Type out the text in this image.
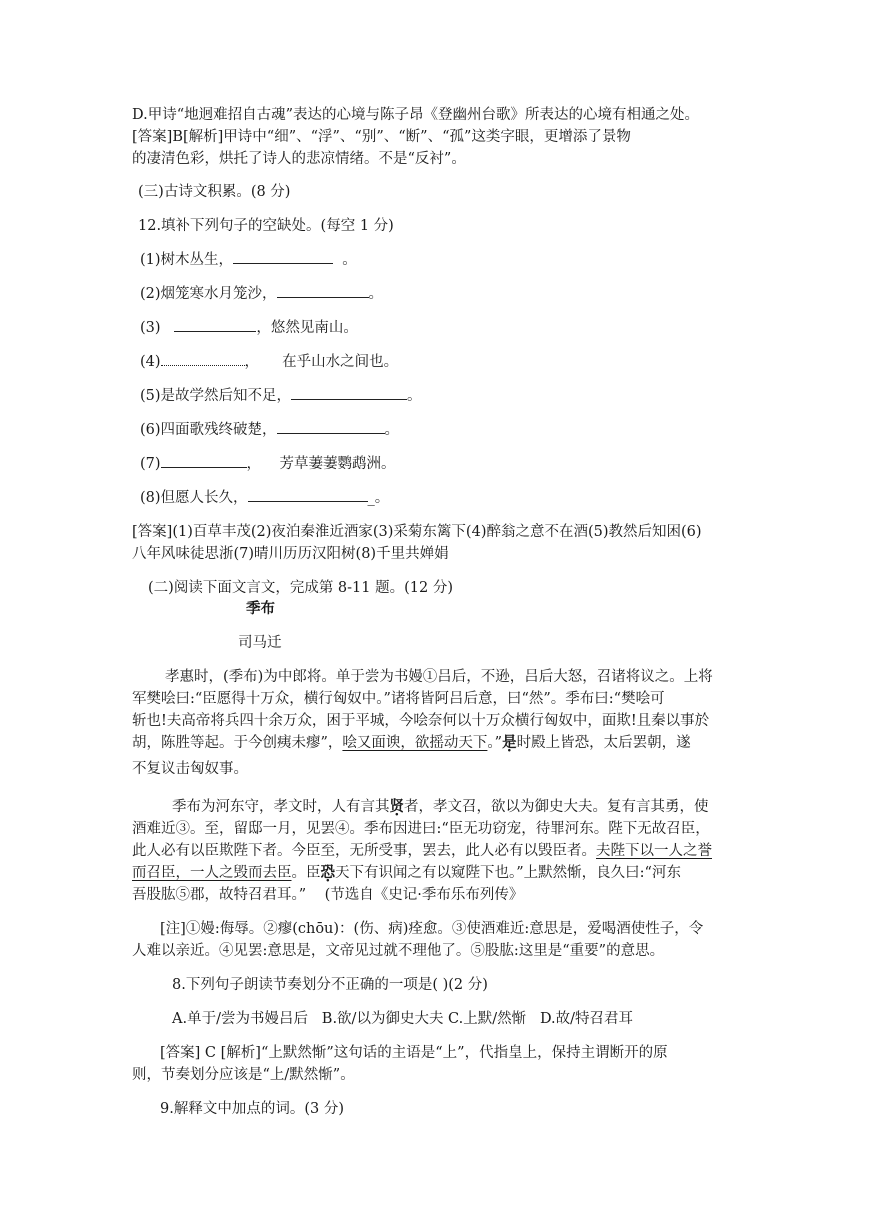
D.甲诗“地迥难招自古魂”表达的心境与陈子昂《登幽州台歌》所表达的心境有相通之处。
[答案]B[解析]甲诗中“细”、“浮”、“别”、“断”、“孤”这类字眼，更增添了景物
的凄清色彩，烘托了诗人的悲凉情绪。不是“反衬”。
(三)古诗文积累。(8 分)
12.填补下列句子的空缺处。(每空 1 分)
(1)树木丛生，	。
(2)烟笼寒水月笼沙，	。
(3)	，悠然见南山。
(4)	， 在乎山水之间也。
(5)是故学然后知不足，	。
(6)四面歌残终破楚，	。
(7)	， 芳草萋萋鹦鹉洲。
(8)但愿人长久，	_。
[答案](1)百草丰茂(2)夜泊秦淮近酒家(3)采菊东篱下(4)醉翁之意不在酒(5)教然后知困(6)
八年风味徒思浙(7)晴川历历汉阳树(8)千里共婵娟
(二)阅读下面文言文，完成第 8-11 题。(12 分)
季布
司马迁
孝惠时，(季布)为中郎将。单于尝为书嫚①吕后，不逊，吕后大怒，召诸将议之。上将
军樊哙曰:“臣愿得十万众，横行匈奴中。”诸将皆阿吕后意，曰“然”。季布曰:“樊哙可
斩也!夫高帝将兵四十余万众，困于平城，今哙奈何以十万众横行匈奴中，面欺!且秦以事於
胡，陈胜等起。于今创痍未瘳”，哙又面谀，欲摇动天下。”是时殿上皆恐，太后罢朝，遂
不复议击匈奴事。
季布为河东守，孝文时，人有言其贤者，孝文召，欲以为御史大夫。复有言其勇，使
酒难近③。至，留邸一月，见罢④。季布因进曰:“臣无功窃宠，待罪河东。陛下无故召臣，
此人必有以臣欺陛下者。今臣至，无所受事，罢去，此人必有以毁臣者。夫陛下以一人之誉
而召臣，一人之毁而去臣。臣恐天下有识闻之有以窥陛下也。”上默然惭，良久曰:“河东
吾股肱⑤郡，故特召君耳。” (节选自《史记·季布乐布列传》
[注]①嫚:侮辱。②瘳(chōu)：(伤、病)痊愈。③使酒难近:意思是，爱喝酒使性子，令
人难以亲近。④见罢:意思是，文帝见过就不理他了。⑤股肱:这里是“重要”的意思。
8.下列句子朗读节奏划分不正确的一项是( )(2 分)
A.单于/尝为书嫚吕后   B.欲/以为御史大夫 C.上默/然惭   D.故/特召君耳
[答案] C [解析]“上默然惭”这句话的主语是“上”，代指皇上，保持主谓断开的原
则，节奏划分应该是“上/默然惭”。
9.解释文中加点的词。(3 分)
